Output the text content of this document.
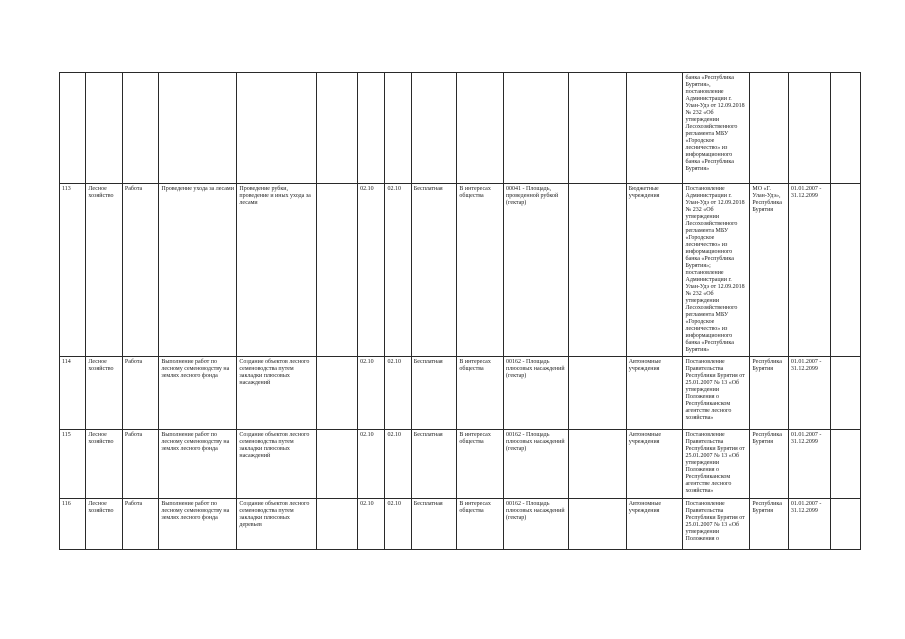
													банка «Республика Бурятия», постановление Администрации г. Улан-Удэ от 12.09.2018 № 232 «Об утверждении Лесохозяйственного регламента МБУ «Городское лесничество» из информационного банка «Республика Бурятия»			
113	Лесное хозяйство	Работа	Проведение ухода за лесами	Проведение рубки, проведение и иных ухода за лесами		02.10	02.10	Бесплатная	В интересах общества	00041 - Площадь, проведенной рубкой (гектар)		Бюджетные учреждения	Постановление Администрации г. Улан-Удэ от 12.09.2018 № 232 «Об утверждении Лесохозяйственного регламента МБУ «Городское лесничество» из информационного банка «Республика Бурятия»; постановление Администрации г. Улан-Удэ от 12.09.2018 № 232 «Об утверждении Лесохозяйственного регламента МБУ «Городское лесничество» из информационного банка «Республика Бурятия»	МО «Г. Улан-Удэ», Республика Бурятия	01.01.2007 - 31.12.2099	
114	Лесное хозяйство	Работа	Выполнение работ по лесному семеноводству на землях лесного фонда	Создание объектов лесного семеноводства путем закладки плюсовых насаждений		02.10	02.10	Бесплатная	В интересах общества	00162 - Площадь плюсовых насаждений (гектар)		Автономные учреждения	Постановление Правительства Республики Бурятия от 25.01.2007 № 13 «Об утверждении Положения о Республиканском агентстве лесного хозяйства»	Республика Бурятия	01.01.2007 - 31.12.2099	
115	Лесное хозяйство	Работа	Выполнение работ по лесному семеноводству на землях лесного фонда	Создание объектов лесного семеноводства путем закладки плюсовых насаждений		02.10	02.10	Бесплатная	В интересах общества	00162 - Площадь плюсовых насаждений (гектар)		Автономные учреждения	Постановление Правительства Республики Бурятия от 25.01.2007 № 13 «Об утверждении Положения о Республиканском агентстве лесного хозяйства»	Республика Бурятия	01.01.2007 - 31.12.2099	
116	Лесное хозяйство	Работа	Выполнение работ по лесному семеноводству на землях лесного фонда	Создание объектов лесного семеноводства путем закладки плюсовых деревьев		02.10	02.10	Бесплатная	В интересах общества	00162 - Площадь плюсовых насаждений (гектар)		Автономные учреждения	Постановление Правительства Республики Бурятия от 25.01.2007 № 13 «Об утверждении Положения о	Республика Бурятия	01.01.2007 - 31.12.2099	
